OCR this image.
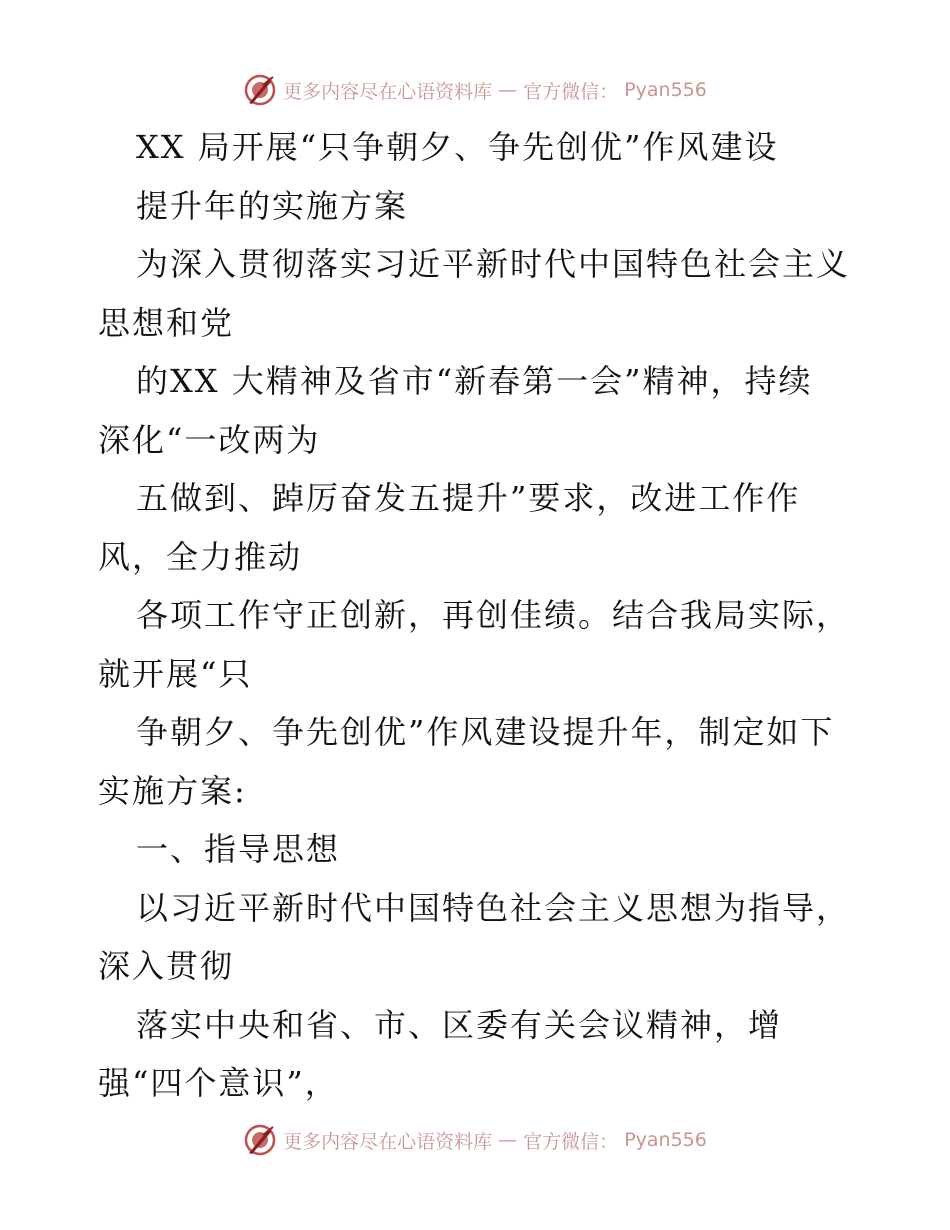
更多内容尽在心语资料库 — 官方微信： Pyan556
XX 局开展“只争朝夕、争先创优”作风建设
提升年的实施方案
为深入贯彻落实习近平新时代中国特色社会主义
思想和党
的XX 大精神及省市“新春第一会”精神，持续
深化“一改两为
五做到、踔厉奋发五提升”要求，改进工作作
风，全力推动
各项工作守正创新，再创佳绩。结合我局实际，
就开展“只
争朝夕、争先创优”作风建设提升年，制定如下
实施方案:
一、指导思想
以习近平新时代中国特色社会主义思想为指导，
深入贯彻
落实中央和省、市、区委有关会议精神，增
强“四个意识”，
更多内容尽在心语资料库 — 官方微信： Pyan556
